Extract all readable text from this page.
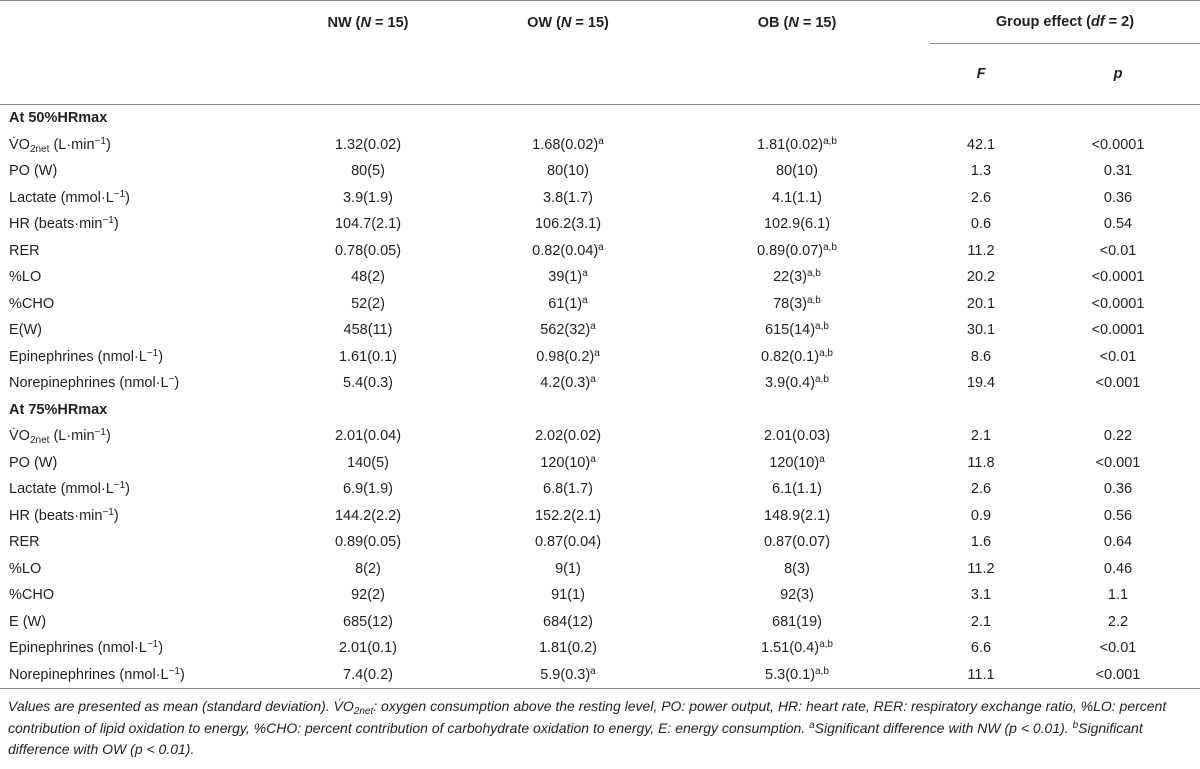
	NW (N = 15)	OW (N = 15)	OB (N = 15)	Group effect (df = 2)	

				F	p
At 50%HRmax					
$V̇O_{2net}$ $(L\cdot\min^{-1})$	1.32(0.02)	$1.68(0.02)^a$	$1.81(0.02)^{a,b}$	42.1	<0.0001
PO (W)	80(5)	80(10)	80(10)	1.3	0.31
Lactate $(mmol\cdot L^{-1})$	3.9(1.9)	3.8(1.7)	4.1(1.1)	2.6	0.36
HR $(beats\cdot\min^{-1})$	104.7(2.1)	106.2(3.1)	102.9(6.1)	0.6	0.54
RER	0.78(0.05)	$0.82(0.04)^a$	$0.89(0.07)^{a,b}$	11.2	<0.01
%LO	48(2)	$39(1)^a$	$22(3)^{a,b}$	20.2	<0.0001
%CHO	52(2)	$61(1)^a$	$78(3)^{a,b}$	20.1	<0.0001
E(W)	458(11)	$562(32)^a$	$615(14)^{a,b}$	30.1	<0.0001
Epinephrines $(nmol\cdot L^{-1})$	1.61(0.1)	$0.98(0.2)^a$	$0.82(0.1)^{a,b}$	8.6	<0.01
Norepinephrines (nmol·L−)	5.4(0.3)	$4.2(0.3)^a$	$3.9(0.4)^{a,b}$	19.4	<0.001
At 75%HRmax					
$V̇O_{2net}$ $(L\cdot\min^{-1})$	2.01(0.04)	2.02(0.02)	2.01(0.03)	2.1	0.22
PO (W)	140(5)	$120(10)^a$	$120(10)^a$	11.8	<0.001
Lactate $(mmol\cdot L^{-1})$	6.9(1.9)	6.8(1.7)	6.1(1.1)	2.6	0.36
HR $(beats\cdot\min^{-1})$	144.2(2.2)	152.2(2.1)	148.9(2.1)	0.9	0.56
RER	0.89(0.05)	0.87(0.04)	0.87(0.07)	1.6	0.64
%LO	8(2)	9(1)	8(3)	11.2	0.46
%CHO	92(2)	91(1)	92(3)	3.1	1.1
E (W)	685(12)	684(12)	681(19)	2.1	2.2
Epinephrines $(nmol\cdot L^{-1})$	2.01(0.1)	1.81(0.2)	$1.51(0.4)^{a,b}$	6.6	<0.01
Norepinephrines $(nmol\cdot L^{-1})$	7.4(0.2)	$5.9(0.3)^a$	$5.3(0.1)^{a,b}$	11.1	<0.001
Values are presented as mean (standard deviation). $V̇O_{2net}$: oxygen consumption above the resting level, PO: power output, HR: heart rate, RER: respiratory exchange ratio, %LO: percent contribution of lipid oxidation to energy, %CHO: percent contribution of carbohydrate oxidation to energy, E: energy consumption. $^a$Significant difference with NW (p < 0.01). $^b$Significant difference with OW (p < 0.01).
